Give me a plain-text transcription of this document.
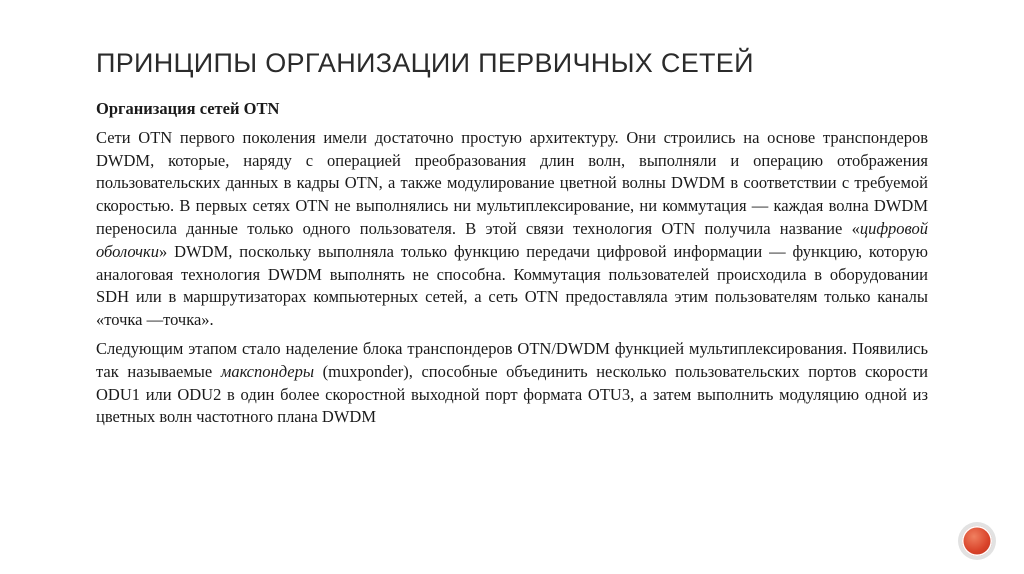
ПРИНЦИПЫ ОРГАНИЗАЦИИ ПЕРВИЧНЫХ СЕТЕЙ

Организация сетей OTN

Сети OTN первого поколения имели достаточно простую архитектуру. Они строились на основе транспондеров DWDM, которые, наряду с операцией преобразования длин волн, выполняли и операцию отображения пользовательских данных в кадры OTN, а также модулирование цветной волны DWDM в соответствии с требуемой скоростью. В первых сетях OTN не выполнялись ни мультиплексирование, ни коммутация — каждая волна DWDM переносила данные только одного пользователя. В этой связи технология OTN получила название «цифровой оболочки» DWDM, поскольку выполняла только функцию передачи цифровой информации — функцию, которую аналоговая технология DWDM выполнять не способна. Коммутация пользователей происходила в оборудовании SDH или в маршрутизаторах компьютерных сетей, а сеть OTN предоставляла этим пользователям только каналы «точка —точка».

Следующим этапом стало наделение блока транспондеров OTN/DWDM функцией мультиплексирования. Появились так называемые макспондеры (muxponder), способные объединить несколько пользовательских портов скорости ODU1 или ODU2 в один более скоростной выходной порт формата OTU3, а затем выполнить модуляцию одной из цветных волн частотного плана DWDM
